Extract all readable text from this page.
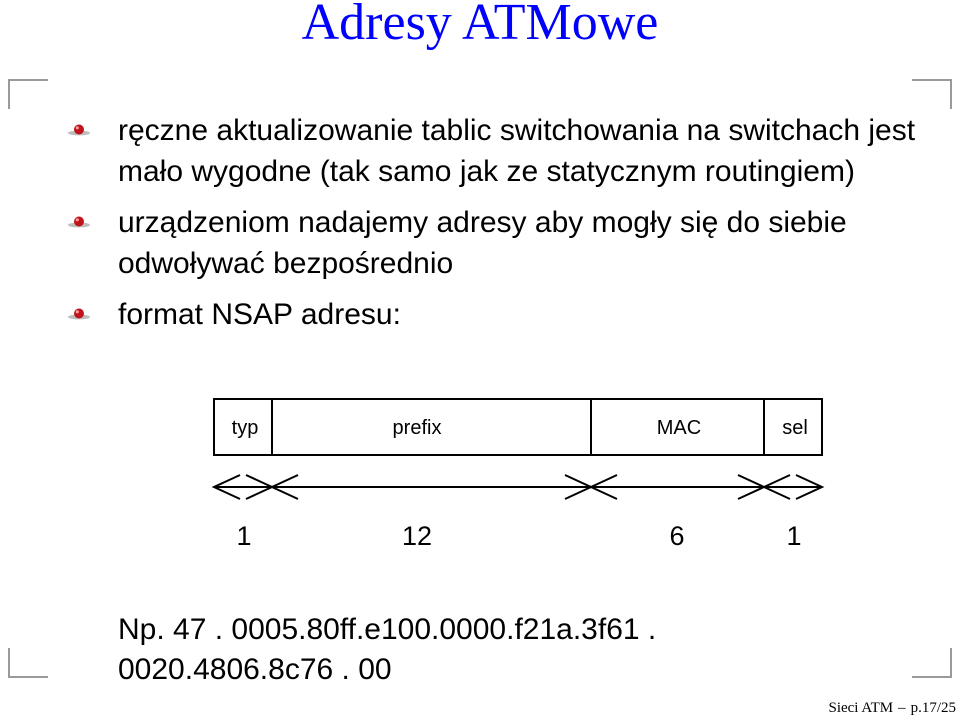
Adresy ATMowe
ręczne aktualizowanie tablic switchowania na switchach jest mało wygodne (tak samo jak ze statycznym routingiem)
urządzeniom nadajemy adresy aby mogły się do siebie odwoływać bezpośrednio
format NSAP adresu:
typ	prefix	MAC	sel
1	12	6	1
Np. 47 . 0005.80ff.e100.0000.f21a.3f61 .
0020.4806.8c76 . 00
Sieci ATM – p.17/25
